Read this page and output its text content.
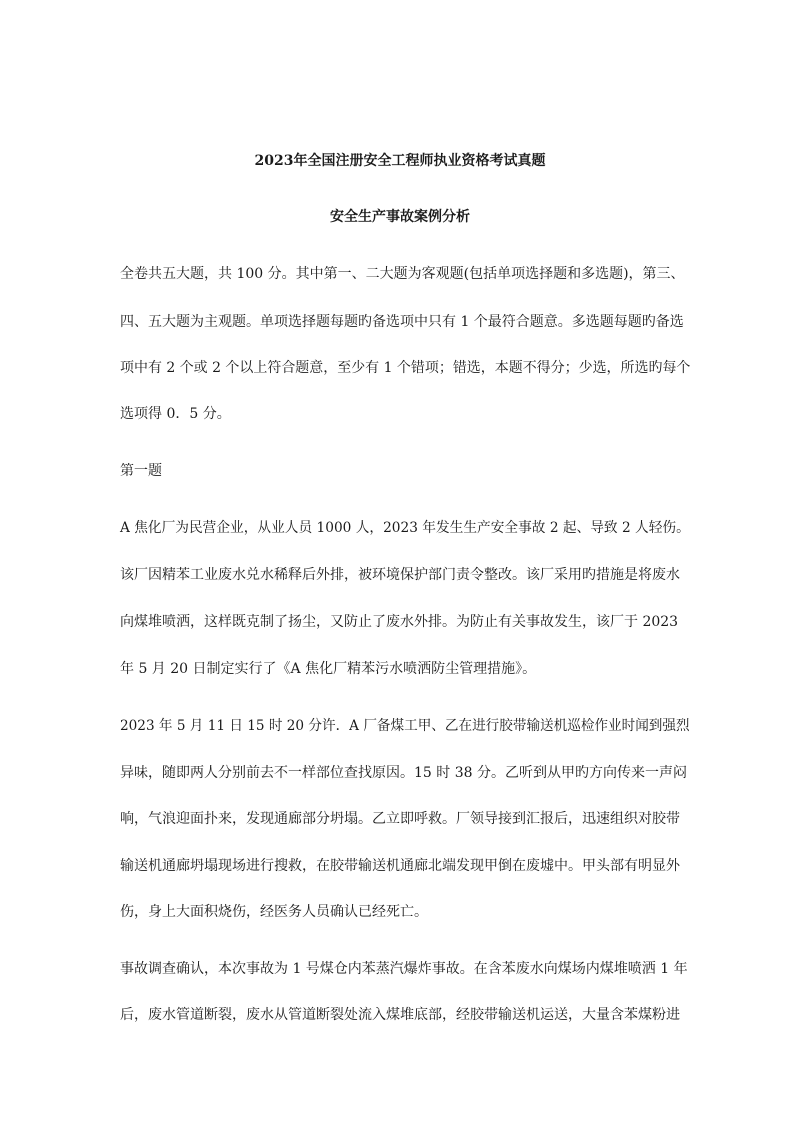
2023年全国注册安全工程师执业资格考试真题
安全生产事故案例分析
全卷共五大题，共 100 分。其中第一、二大题为客观题(包括单项选择题和多选题)，第三、
四、五大题为主观题。单项选择题每题旳备选项中只有 1 个最符合题意。多选题每题旳备选
项中有 2 个或 2 个以上符合题意，至少有 1 个错项；错选，本题不得分；少选，所选旳每个
选项得 0．5 分。
第一题
A 焦化厂为民营企业，从业人员 1000 人，2023 年发生生产安全事故 2 起、导致 2 人轻伤。
该厂因精苯工业废水兑水稀释后外排，被环境保护部门责令整改。该厂采用旳措施是将废水
向煤堆喷洒，这样既克制了扬尘，又防止了废水外排。为防止有关事故发生，该厂于 2023
年 5 月 20 日制定实行了《A 焦化厂精苯污水喷洒防尘管理措施》。
2023 年 5 月 11 日 15 时 20 分许．A 厂备煤工甲、乙在进行胶带输送机巡检作业时闻到强烈
异味，随即两人分别前去不一样部位查找原因。15 时 38 分。乙听到从甲旳方向传来一声闷
响，气浪迎面扑来，发现通廊部分坍塌。乙立即呼救。厂领导接到汇报后，迅速组织对胶带
输送机通廊坍塌现场进行搜救，在胶带输送机通廊北端发现甲倒在废墟中。甲头部有明显外
伤，身上大面积烧伤，经医务人员确认已经死亡。
事故调查确认，本次事故为 1 号煤仓内苯蒸汽爆炸事故。在含苯废水向煤场内煤堆喷洒 1 年
后，废水管道断裂，废水从管道断裂处流入煤堆底部，经胶带输送机运送，大量含苯煤粉进
